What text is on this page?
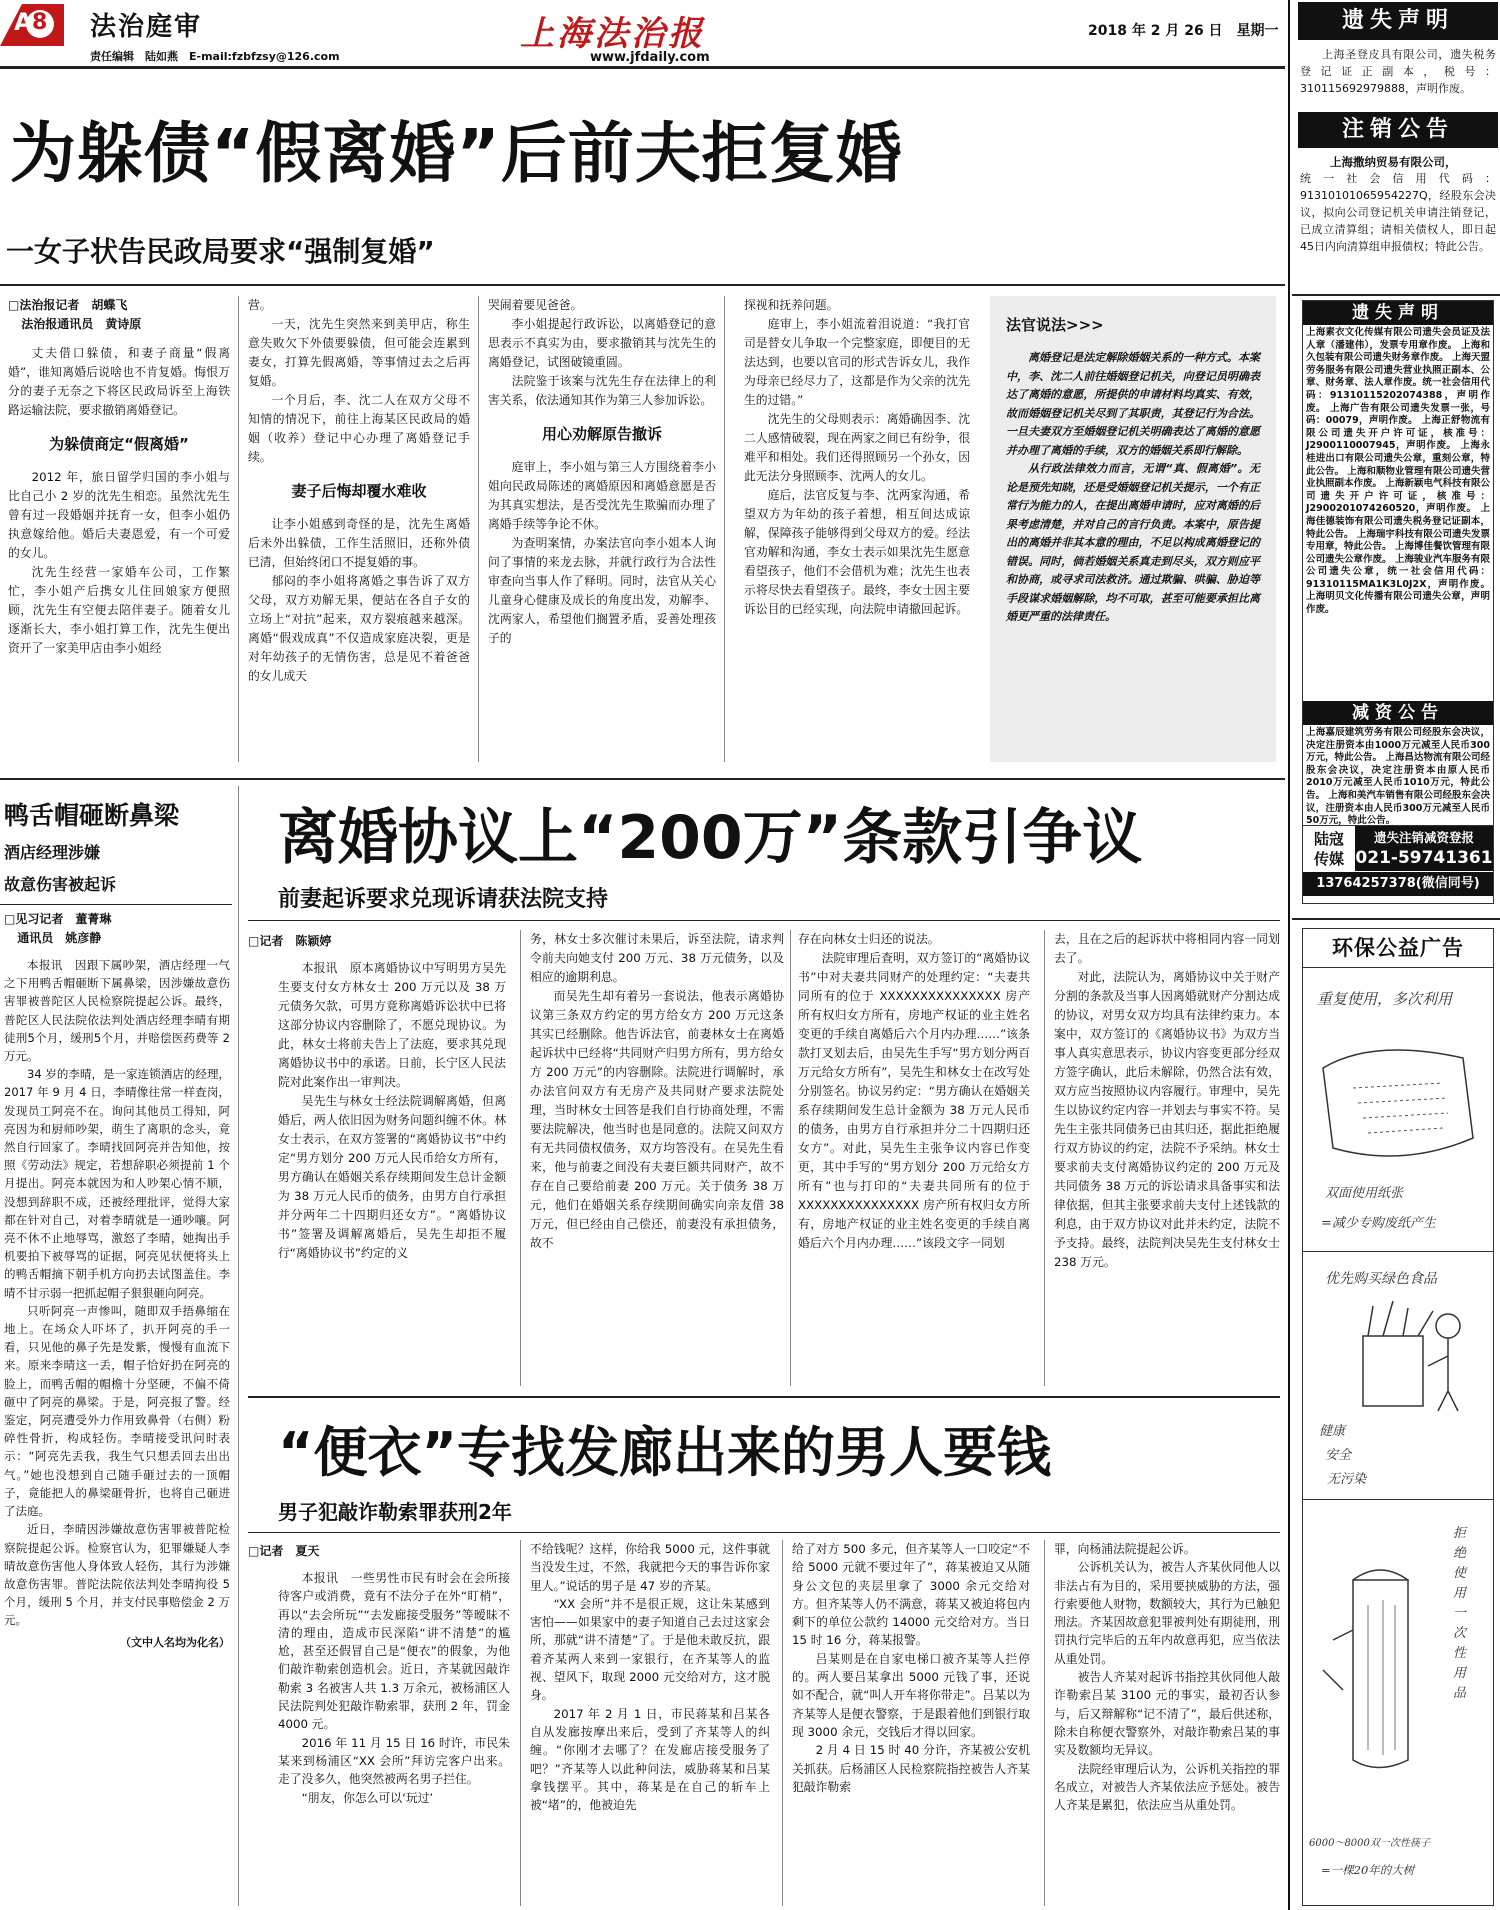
A 8 法治庭审
责任编辑　陆如燕　E-mail:fzbfzsy@126.com
上海法治报
www.jfdaily.com
2018 年 2 月 26 日　星期一
为躲债“假离婚”后前夫拒复婚
一女子状告民政局要求“强制复婚”
□法治报记者　胡蝶飞
法治报通讯员　黄诗原

丈夫借口躲债，和妻子商量“假离婚”，谁知离婚后说啥也不肯复婚。悔恨万分的妻子无奈之下将区民政局诉至上海铁路运输法院，要求撤销离婚登记。

为躲债商定“假离婚”

2012 年，旅日留学归国的李小姐与比自己小 2 岁的沈先生相恋。虽然沈先生曾有过一段婚姻并抚育一女，但李小姐仍执意嫁给他。婚后夫妻恩爱，有一个可爱的女儿。

沈先生经营一家婚车公司，工作繁忙，李小姐产后携女儿住回娘家方便照顾，沈先生有空便去陪伴妻子。随着女儿逐渐长大，李小姐打算工作，沈先生便出资开了一家美甲店由李小姐经

营。

一天，沈先生突然来到美甲店，称生意失败欠下外债要躲债，但可能会连累到妻女，打算先假离婚，等事情过去之后再复婚。

一个月后，李、沈二人在双方父母不知情的情况下，前往上海某区民政局的婚姻（收养）登记中心办理了离婚登记手续。

妻子后悔却覆水难收

让李小姐感到奇怪的是，沈先生离婚后未外出躲债，工作生活照旧，还称外债已清，但始终闭口不提复婚的事。

郁闷的李小姐将离婚之事告诉了双方父母，双方劝解无果，便站在各自子女的立场上“对抗”起来，双方裂痕越来越深。离婚“假戏成真”不仅造成家庭决裂，更是对年幼孩子的无情伤害，总是见不着爸爸的女儿成天

哭闹着要见爸爸。

李小姐提起行政诉讼，以离婚登记的意思表示不真实为由，要求撤销其与沈先生的离婚登记，试图破镜重圆。

法院鉴于该案与沈先生存在法律上的利害关系，依法通知其作为第三人参加诉讼。

用心劝解原告撤诉

庭审上，李小姐与第三人方围绕着李小姐向民政局陈述的离婚原因和离婚意愿是否为其真实想法，是否受沈先生欺骗而办理了离婚手续等争论不休。

为查明案情，办案法官向李小姐本人询问了事情的来龙去脉，并就行政行为合法性审查向当事人作了释明。同时，法官从关心儿童身心健康及成长的角度出发，劝解李、沈两家人，希望他们搁置矛盾，妥善处理孩子的

探视和抚养问题。

庭审上，李小姐流着泪说道：“我打官司是替女儿争取一个完整家庭，即便目的无法达到，也要以官司的形式告诉女儿，我作为母亲已经尽力了，这都是作为父亲的沈先生的过错。”

沈先生的父母则表示：离婚确因李、沈二人感情破裂，现在两家之间已有纷争，很难平和相处。我们还得照顾另一个孙女，因此无法分身照顾李、沈两人的女儿。

庭后，法官反复与李、沈两家沟通，希望双方为年幼的孩子着想，相互间达成谅解，保障孩子能够得到父母双方的爱。经法官劝解和沟通，李女士表示如果沈先生愿意看望孩子，他们不会借机为难；沈先生也表示将尽快去看望孩子。最终，李女士因主要诉讼目的已经实现，向法院申请撤回起诉。

法官说法>>>

离婚登记是法定解除婚姻关系的一种方式。本案中，李、沈二人前往婚姻登记机关，向登记员明确表达了离婚的意愿，所提供的申请材料均真实、有效，故而婚姻登记机关尽到了其职责，其登记行为合法。一旦夫妻双方至婚姻登记机关明确表达了离婚的意愿并办理了离婚的手续，双方的婚姻关系即行解除。

从行政法律效力而言，无谓“真、假离婚”。无论是预先知晓，还是受婚姻登记机关提示，一个有正常行为能力的人，在提出离婚申请时，应对离婚的后果考虑清楚，并对自己的言行负责。本案中，原告提出的离婚并非其本意的理由，不足以构成离婚登记的错误。同时，倘若婚姻关系真走到尽头，双方则应平和协商，或寻求司法救济。通过欺骗、哄骗、胁迫等手段谋求婚姻解除，均不可取，甚至可能要承担比离婚更严重的法律责任。

鸭舌帽砸断鼻梁
酒店经理涉嫌
故意伤害被起诉
□见习记者　董菁琳
通讯员　姚彦静

本报讯　因跟下属吵架，酒店经理一气之下用鸭舌帽砸断下属鼻梁，因涉嫌故意伤害罪被普陀区人民检察院提起公诉。最终，普陀区人民法院依法判处酒店经理李晴有期徒刑5个月，缓刑5个月，并赔偿医药费等 2 万元。

34 岁的李晴，是一家连锁酒店的经理，2017 年 9 月 4 日，李晴像往常一样查岗，发现员工阿亮不在。询问其他员工得知，阿亮因为和厨师吵架，萌生了离职的念头，竟然自行回家了。李晴找回阿亮并告知他，按照《劳动法》规定，若想辞职必须提前 1 个月提出。阿亮本就因为和人吵架心情不顺，没想到辞职不成，还被经理批评，觉得大家都在针对自己，对着李晴就是一通吵嚷。阿亮不休不止地辱骂，激怒了李晴，她掏出手机要拍下被辱骂的证据，阿亮见状便将头上的鸭舌帽摘下朝手机方向扔去试图盖住。李晴不甘示弱一把抓起帽子狠狠砸向阿亮。

只听阿亮一声惨叫，随即双手捂鼻缩在地上。在场众人吓坏了，扒开阿亮的手一看，只见他的鼻子先是发紫，慢慢有血流下来。原来李晴这一丢，帽子恰好扔在阿亮的脸上，而鸭舌帽的帽檐十分坚硬，不偏不倚砸中了阿亮的鼻梁。于是，阿亮报了警。经鉴定，阿亮遭受外力作用致鼻骨（右侧）粉碎性骨折，构成轻伤。李晴接受讯问时表示：“阿亮先丢我，我生气只想丢回去出出气。”她也没想到自己随手砸过去的一顶帽子，竟能把人的鼻梁砸骨折，也将自己砸进了法庭。

近日，李晴因涉嫌故意伤害罪被普陀检察院提起公诉。检察官认为，犯罪嫌疑人李晴故意伤害他人身体致人轻伤，其行为涉嫌故意伤害罪。普陀法院依法判处李晴拘役 5 个月，缓刑 5 个月，并支付民事赔偿金 2 万元。

（文中人名均为化名）
离婚协议上“200万”条款引争议
前妻起诉要求兑现诉请获法院支持
□记者　陈颖婷

本报讯　原本离婚协议中写明男方吴先生要支付女方林女士 200 万元以及 38 万元债务欠款，可男方竟称离婚诉讼状中已将这部分协议内容删除了，不愿兑现协议。为此，林女士将前夫告上了法庭，要求其兑现离婚协议书中的承诺。日前，长宁区人民法院对此案作出一审判决。

吴先生与林女士经法院调解离婚，但离婚后，两人依旧因为财务问题纠缠不休。林女士表示，在双方签署的“离婚协议书”中约定“男方划分 200 万元人民币给女方所有，男方确认在婚姻关系存续期间发生总计金额为 38 万元人民币的债务，由男方自行承担并分两年二十四期归还女方”。“离婚协议书”签署及调解离婚后，吴先生却拒不履行“离婚协议书”约定的义

务，林女士多次催讨未果后，诉至法院，请求判令前夫向她支付 200 万元、38 万元债务，以及相应的逾期利息。

而吴先生却有着另一套说法，他表示离婚协议第三条双方约定的男方给女方 200 万元这条其实已经删除。他告诉法官，前妻林女士在离婚起诉状中已经将“共同财产归男方所有，男方给女方 200 万元”的内容删除。法院进行调解时，承办法官问双方有无房产及共同财产要求法院处理，当时林女士回答是我们自行协商处理，不需要法院解决，他当时也是同意的。法院又问双方有无共同债权债务，双方均答没有。在吴先生看来，他与前妻之间没有夫妻巨额共同财产，故不存在自己要给前妻 200 万元。关于债务 38 万元，他们在婚姻关系存续期间确实向亲友借 38 万元，但已经由自己偿还，前妻没有承担债务，故不

存在向林女士归还的说法。

法院审理后查明，双方签订的“离婚协议书”中对夫妻共同财产的处理约定：“夫妻共同所有的位于 XXXXXXXXXXXXXXX 房产所有权归女方所有，房地产权证的业主姓名变更的手续自离婚后六个月内办理……”该条款打叉划去后，由吴先生手写“男方划分两百万元给女方所有”，吴先生和林女士在改写处分别签名。协议另约定：“男方确认在婚姻关系存续期间发生总计金额为 38 万元人民币的债务，由男方自行承担并分二十四期归还女方”。对此，吴先生主张争议内容已作变更，其中手写的“男方划分 200 万元给女方所有”也与打印的“夫妻共同所有的位于 XXXXXXXXXXXXXXX 房产所有权归女方所有，房地产权证的业主姓名变更的手续自离婚后六个月内办理……”该段文字一同划

去，且在之后的起诉状中将相同内容一同划去了。

对此，法院认为，离婚协议中关于财产分割的条款及当事人因离婚就财产分割达成的协议，对男女双方均具有法律约束力。本案中，双方签订的《离婚协议书》为双方当事人真实意思表示，协议内容变更部分经双方签字确认，此后未解除，仍然合法有效，双方应当按照协议内容履行。审理中，吴先生以协议约定内容一并划去与事实不符。吴先生主张共同债务已由其归还，据此拒绝履行双方协议的约定，法院不予采纳。林女士要求前夫支付离婚协议约定的 200 万元及共同债务 38 万元的诉讼请求具备事实和法律依据，但其主张要求前夫支付上述钱款的利息，由于双方协议对此并未约定，法院不予支持。最终，法院判决吴先生支付林女士 238 万元。

“便衣”专找发廊出来的男人要钱
男子犯敲诈勒索罪获刑2年
□记者　夏天

本报讯　一些男性市民有时会在会所接待客户或消费，竟有不法分子在外“盯梢”，再以“去会所玩”“去发廊接受服务”等暧昧不清的理由，造成市民深陷“讲不清楚”的尴尬，甚至还假冒自己是“便衣”的假象，为他们敲诈勒索创造机会。近日，齐某就因敲诈勒索 3 名被害人共 1.3 万余元，被杨浦区人民法院判处犯敲诈勒索罪，获刑 2 年，罚金 4000 元。

2016 年 11 月 15 日 16 时许，市民朱某来到杨浦区“XX 会所”拜访完客户出来。走了没多久，他突然被两名男子拦住。

“朋友，你怎么可以‘玩过’

不给钱呢？这样，你给我 5000 元，这件事就当没发生过，不然，我就把今天的事告诉你家里人。”说话的男子是 47 岁的齐某。

“XX 会所”并不是很正规，这让朱某感到害怕——如果家中的妻子知道自己去过这家会所，那就“讲不清楚”了。于是他未敢反抗，跟着齐某两人来到一家银行，在齐某等人的监视、望风下，取现 2000 元交给对方，这才脱身。

2017 年 2 月 1 日，市民蒋某和吕某各自从发廊按摩出来后，受到了齐某等人的纠缠。“你刚才去哪了？在发廊店接受服务了吧？”齐某等人以此种问法，威胁蒋某和吕某拿钱摆平。其中，蒋某是在自己的斩车上被“堵”的，他被迫先

给了对方 500 多元，但齐某等人一口咬定“不给 5000 元就不要过年了”，蒋某被迫又从随身公文包的夹层里拿了 3000 余元交给对方。但齐某等人仍不满意，蒋某又被迫将包内剩下的单位公款约 14000 元交给对方。当日 15 时 16 分，蒋某报警。

吕某则是在自家电梯口被齐某等人拦停的。两人要吕某拿出 5000 元钱了事，还说如不配合，就“叫人开车将你带走”。吕某以为齐某等人是便衣警察，于是跟着他们到银行取现 3000 余元，交钱后才得以回家。

2 月 4 日 15 时 40 分许，齐某被公安机关抓获。后杨浦区人民检察院指控被告人齐某犯敲诈勒索

罪，向杨浦法院提起公诉。

公诉机关认为，被告人齐某伙同他人以非法占有为目的，采用要挟威胁的方法，强行索要他人财物，数额较大，其行为已触犯刑法。齐某因故意犯罪被判处有期徒刑，刑罚执行完毕后的五年内故意再犯，应当依法从重处罚。

被告人齐某对起诉书指控其伙同他人敲诈勒索吕某 3100 元的事实，最初否认参与，后又辩解称“记不清了”，最后供述称，除未自称便衣警察外，对敲诈勒索吕某的事实及数额均无异议。

法院经审理后认为，公诉机关指控的罪名成立，对被告人齐某依法应予惩处。被告人齐某是累犯，依法应当从重处罚。

遗失声明
上海圣登皮具有限公司，遗失税务登记证正副本，税号：310115692979888，声明作废。
注销公告
上海撒纳贸易有限公司，
统一社会信用代码：91310101065954227Q，经股东会决议，拟向公司登记机关申请注销登记，已成立清算组；请相关债权人，即日起45日内向清算组申报债权；特此公告。
遗失声明
上海素衣文化传媒有限公司遗失会员证及法人章（潘建伟），发票专用章作废。 上海和久包装有限公司遗失财务章作废。 上海天盟劳务服务有限公司遗失营业执照正副本、公章、财务章、法人章作废。统一社会信用代码：91310115202074388，声明作废。 上海广告有限公司遗失发票一张，号码：00079，声明作废。 上海正舒物流有限公司遗失开户许可证，核准号：J2900110007945，声明作废。 上海永桂进出口有限公司遗失公章，重刻公章，特此公告。 上海和顺物业管理有限公司遗失营业执照副本作废。 上海新颖电气科技有限公司遗失开户许可证，核准号：J2900201074260520，声明作废。 上海佳德装饰有限公司遗失税务登记证副本，特此公告。 上海瑞宇科技有限公司遗失发票专用章，特此公告。 上海博佳餐饮管理有限公司遗失公章作废。 上海骏业汽车服务有限公司遗失公章，统一社会信用代码：91310115MA1K3L0J2X，声明作废。 上海明贝文化传播有限公司遗失公章，声明作废。
减资公告
上海嘉辰建筑劳务有限公司经股东会决议，决定注册资本由1000万元减至人民币300万元，特此公告。 上海昌达物流有限公司经股东会决议，决定注册资本由原人民币2010万元减至人民币1010万元，特此公告。 上海和美汽车销售有限公司经股东会决议，注册资本由人民币300万元减至人民币50万元，特此公告。
陆寇
传媒
遗失注销减资登报
021-59741361
13764257378(微信同号)
环保公益广告
重复使用，多次利用
双面使用纸张
=减少专购废纸产生
优先购买绿色食品
健康
安全
无污染
拒绝使用一次性用品
6000～8000双一次性筷子
=一棵20年的大树
